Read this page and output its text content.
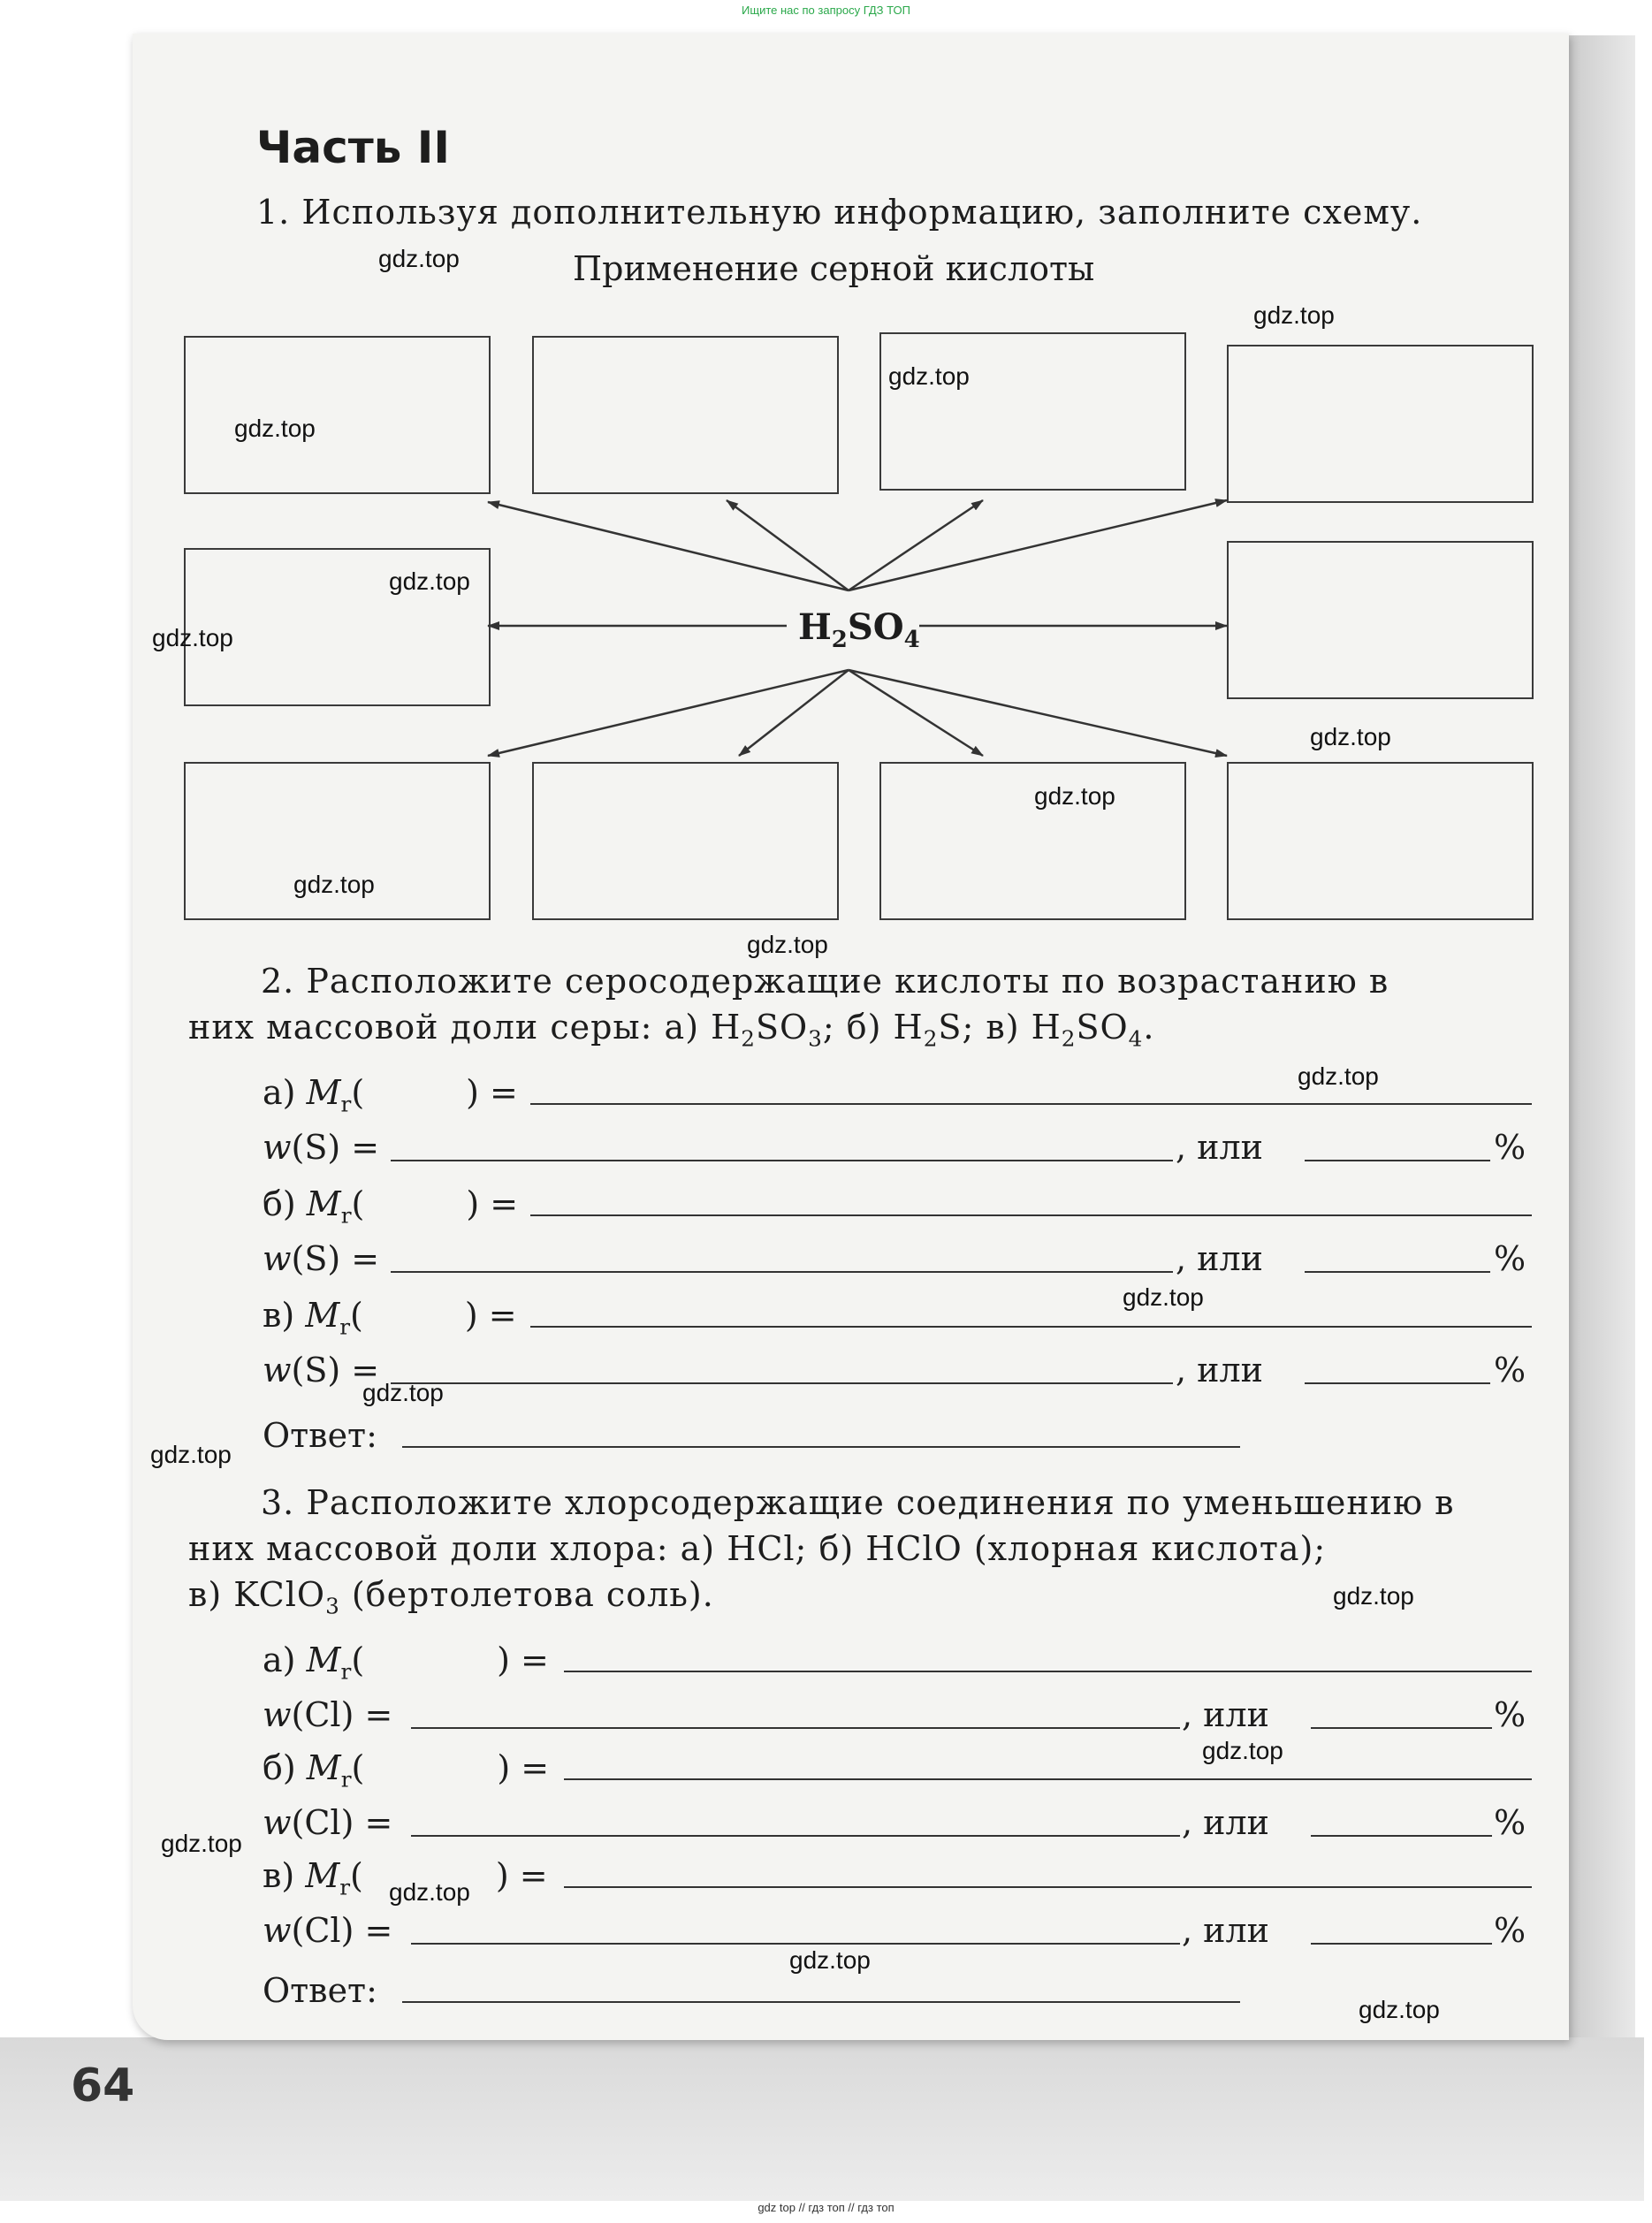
Ищите нас по запросу ГДЗ ТОП
Часть II
1. Используя дополнительную информацию, заполните схему.
Применение серной кислоты
$H_2SO_4$
2. Расположите серосодержащие кислоты по возрастанию в
них массовой доли серы: а) $H_2SO_3$; б) $H_2S$; в) $H_2SO_4$.
а) $M_r$(	) =
w(S) =	, или	%
б) $M_r$(	) =
w(S) =	, или	%
в) $M_r$(	) =
w(S) =	, или	%
Ответ:
3. Расположите хлорсодержащие соединения по уменьшению в
них массовой доли хлора: а) HCl; б) HClO (хлорная кислота);
в) KClO$_3$ (бертолетова соль).
а) $M_r$(	) =
w(Cl) =	, или	%
б) $M_r$(	) =
w(Cl) =	, или	%
в) $M_r$(	) =
w(Cl) =	, или	%
Ответ:
gdz.top
gdz.top
gdz.top
gdz.top
gdz.top
gdz.top
gdz.top
gdz.top
gdz.top
gdz.top
gdz.top
gdz.top
gdz.top
gdz.top
gdz.top
gdz.top
gdz.top
gdz.top
gdz.top
gdz.top
64
gdz top // гдз топ // гдз топ
